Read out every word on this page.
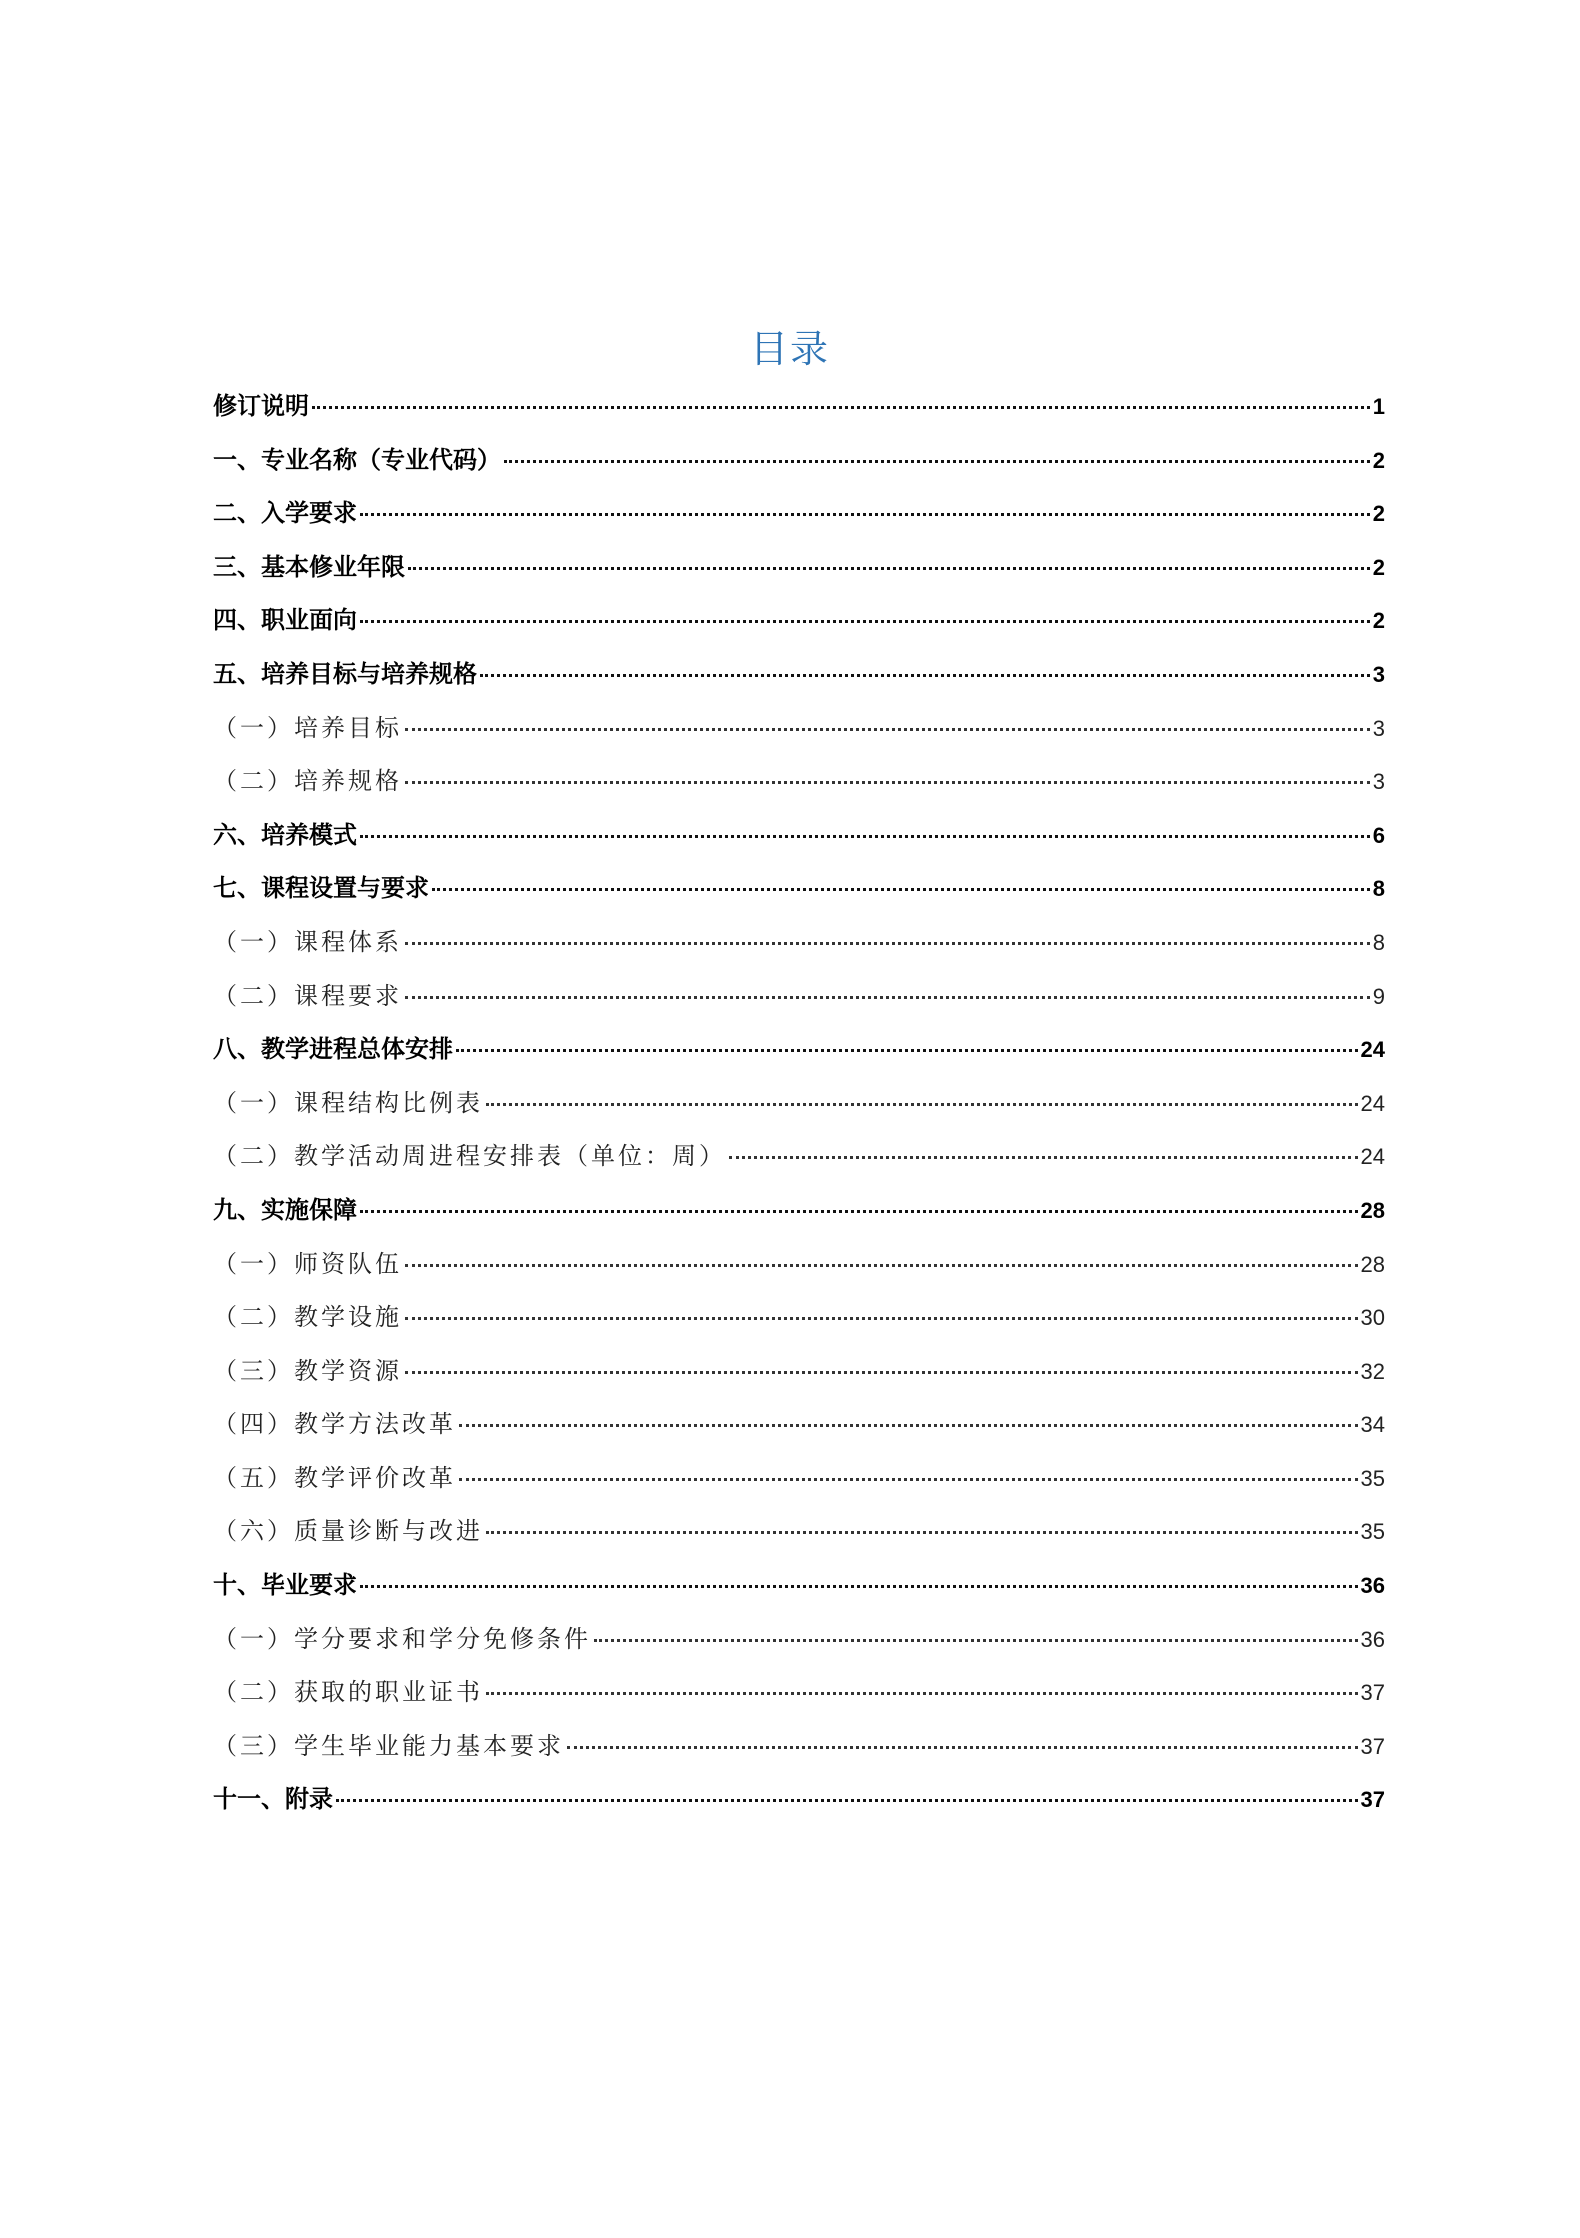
目录
修订说明	1
一、专业名称（专业代码）	2
二、入学要求	2
三、基本修业年限	2
四、职业面向	2
五、培养目标与培养规格	3
（一）培养目标	3
（二）培养规格	3
六、培养模式	6
七、课程设置与要求	8
（一）课程体系	8
（二）课程要求	9
八、教学进程总体安排	24
（一）课程结构比例表	24
（二）教学活动周进程安排表（单位：周）	24
九、实施保障	28
（一）师资队伍	28
（二）教学设施	30
（三）教学资源	32
（四）教学方法改革	34
（五）教学评价改革	35
（六）质量诊断与改进	35
十、毕业要求	36
（一）学分要求和学分免修条件	36
（二）获取的职业证书	37
（三）学生毕业能力基本要求	37
十一、附录	37
